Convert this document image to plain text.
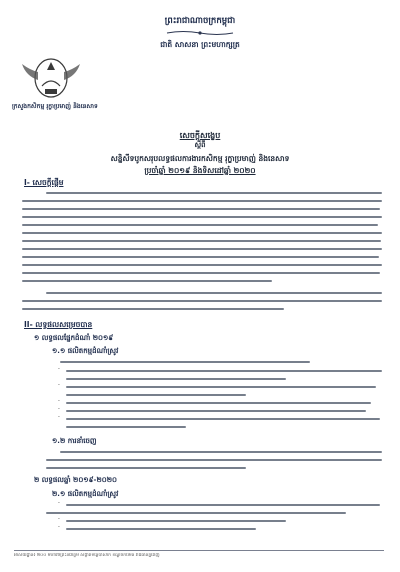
ព្រះរាជាណាចក្រកម្ពុជា
ជាតិ សាសនា ព្រះមហាក្សត្រ
ក្រសួងកសិកម្ម រុក្ខាប្រមាញ់ និងនេសាទ
សេចក្តីសង្ខេប
ស្តីពី
សន្និសីទបូកសរុបលទ្ធផលការងារកសិកម្ម រុក្ខាប្រមាញ់ និងនេសាទ
ប្រចាំឆ្នាំ ២០១៩ និងទិសដៅឆ្នាំ ២០២០
I- សេចក្តីផ្តើម
II- លទ្ធផលសម្រេចបាន
១ លទ្ធផលផ្នែកដំណាំ ២០១៩
១.១ ផលិតកម្មដំណាំស្រូវ
-
-
-
-
-
១.២ ការនាំចេញ
២ លទ្ធផលឆ្នាំ ២០១៩-២០២០
២.១ ផលិតកម្មដំណាំស្រូវ
-
-
-
អាសយដ្ឋាន៖ ២០០ មហាវិថីព្រះនរោត្តម សង្កាត់ទន្លេបាសាក់ ខណ្ឌចំការមន រាជធានីភ្នំពេញ
